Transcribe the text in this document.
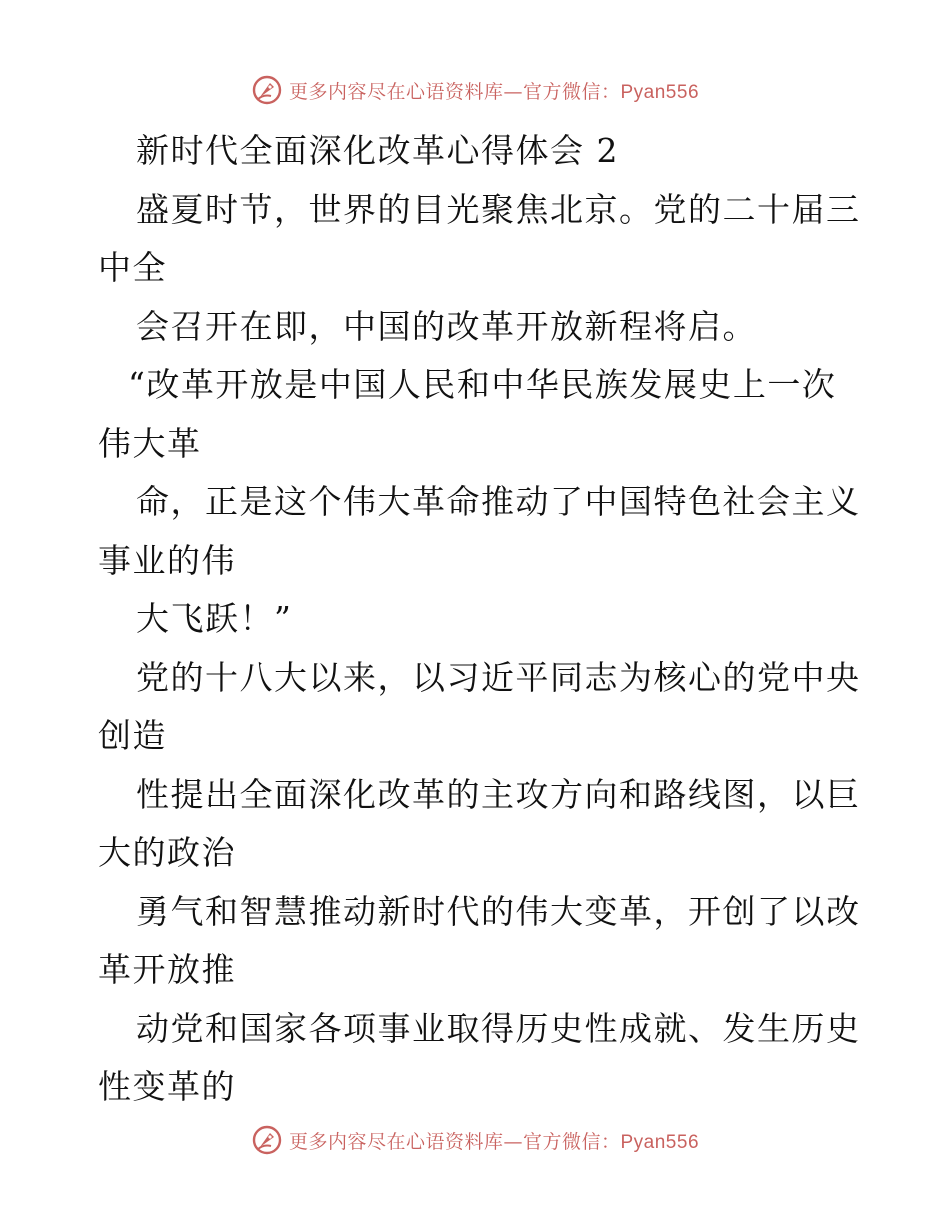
更多内容尽在心语资料库—官方微信：Pyan556
新时代全面深化改革心得体会 2
盛夏时节，世界的目光聚焦北京。党的二十届三
中全
会召开在即，中国的改革开放新程将启。
“改革开放是中国人民和中华民族发展史上一次
伟大革
命，正是这个伟大革命推动了中国特色社会主义
事业的伟
大飞跃！”
党的十八大以来，以习近平同志为核心的党中央
创造
性提出全面深化改革的主攻方向和路线图，以巨
大的政治
勇气和智慧推动新时代的伟大变革，开创了以改
革开放推
动党和国家各项事业取得历史性成就、发生历史
性变革的
更多内容尽在心语资料库—官方微信：Pyan556
